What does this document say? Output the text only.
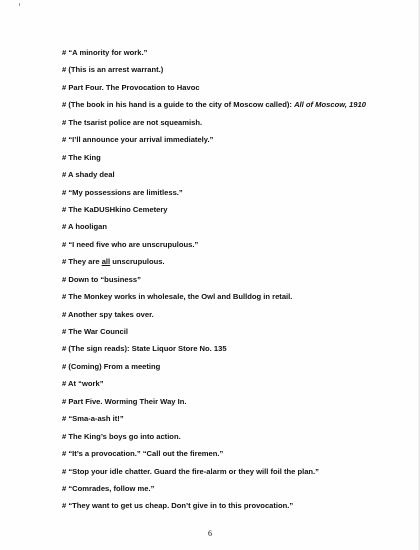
# “A minority for work.”
# (This is an arrest warrant.)
# Part Four. The Provocation to Havoc
# (The book in his hand is a guide to the city of Moscow called): All of Moscow, 1910
# The tsarist police are not squeamish.
# “I’ll announce your arrival immediately.”
# The King
# A shady deal
# “My possessions are limitless.”
# The KaDUSHkino Cemetery
# A hooligan
# “I need five who are unscrupulous.”
# They are all unscrupulous.
# Down to “business”
# The Monkey works in wholesale, the Owl and Bulldog in retail.
# Another spy takes over.
# The War Council
# (The sign reads): State Liquor Store No. 135
# (Coming) From a meeting
# At “work”
# Part Five. Worming Their Way In.
# “Sma-a-ash it!”
# The King’s boys go into action.
# “It’s a provocation.” “Call out the firemen.”
# “Stop your idle chatter. Guard the fire-alarm or they will foil the plan.”
# “Comrades, follow me.”
# “They want to get us cheap. Don’t give in to this provocation.”
6
